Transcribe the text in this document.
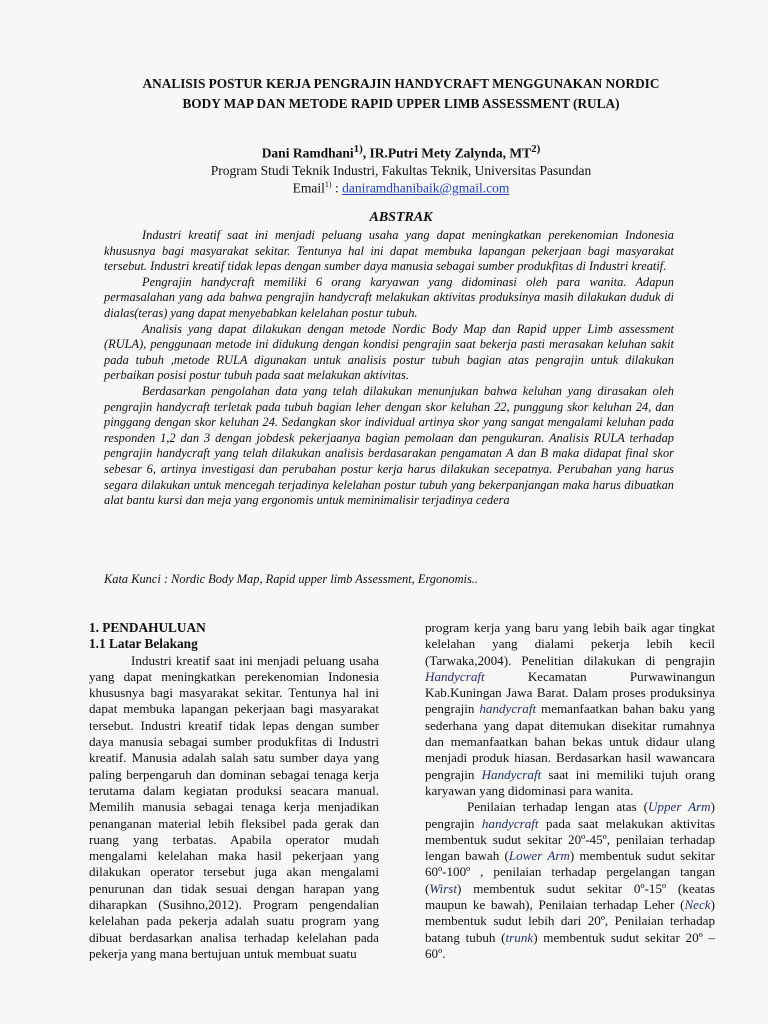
ANALISIS POSTUR KERJA PENGRAJIN HANDYCRAFT MENGGUNAKAN NORDIC
BODY MAP DAN METODE RAPID UPPER LIMB ASSESSMENT (RULA)
Dani Ramdhani$^{1)}$, IR.Putri Mety Zalynda, MT$^{2)}$
Program Studi Teknik Industri, Fakultas Teknik, Universitas Pasundan
Email$^{1)}$ : daniramdhanibaik@gmail.com
ABSTRAK

Industri kreatif saat ini menjadi peluang usaha yang dapat meningkatkan perekenomian Indonesia khususnya bagi masyarakat sekitar. Tentunya hal ini dapat membuka lapangan pekerjaan bagi masyarakat tersebut. Industri kreatif tidak lepas dengan sumber daya manusia sebagai sumber produkfitas di Industri kreatif.

Pengrajin handycraft memiliki 6 orang karyawan yang didominasi oleh para wanita. Adapun permasalahan yang ada bahwa pengrajin handycraft melakukan aktivitas produksinya masih dilakukan duduk di dialas(teras) yang dapat menyebabkan kelelahan postur tubuh.

Analisis yang dapat dilakukan dengan metode Nordic Body Map dan Rapid upper Limb assessment (RULA), penggunaan metode ini didukung dengan kondisi pengrajin saat bekerja pasti merasakan keluhan sakit pada tubuh ,metode RULA digunakan untuk analisis postur tubuh bagian atas pengrajin untuk dilakukan perbaikan posisi postur tubuh pada saat melakukan aktivitas.

Berdasarkan pengolahan data yang telah dilakukan menunjukan bahwa keluhan yang dirasakan oleh pengrajin handycraft terletak pada tubuh bagian leher dengan skor keluhan 22, punggung skor keluhan 24, dan pinggang dengan skor keluhan 24. Sedangkan skor individual artinya skor yang sangat mengalami keluhan pada responden 1,2 dan 3 dengan jobdesk pekerjaanya bagian pemolaan dan pengukuran. Analisis RULA terhadap pengrajin handycraft yang telah dilakukan analisis berdasarakan pengamatan A dan B maka didapat final skor sebesar 6, artinya investigasi dan perubahan postur kerja harus dilakukan secepatnya. Perubahan yang harus segara dilakukan untuk mencegah terjadinya kelelahan postur tubuh yang bekerpanjangan maka harus dibuatkan alat bantu kursi dan meja yang ergonomis untuk meminimalisir terjadinya cedera

Kata Kunci : Nordic Body Map, Rapid upper limb Assessment, Ergonomis..

1. PENDAHULUAN

1.1 Latar Belakang

Industri kreatif saat ini menjadi peluang usaha yang dapat meningkatkan perekenomian Indonesia khususnya bagi masyarakat sekitar. Tentunya hal ini dapat membuka lapangan pekerjaan bagi masyarakat tersebut. Industri kreatif tidak lepas dengan sumber daya manusia sebagai sumber produkfitas di Industri kreatif. Manusia adalah salah satu sumber daya yang paling berpengaruh dan dominan sebagai tenaga kerja terutama dalam kegiatan produksi seacara manual. Memilih manusia sebagai tenaga kerja menjadikan penanganan material lebih fleksibel pada gerak dan ruang yang terbatas. Apabila operator mudah mengalami kelelahan maka hasil pekerjaan yang dilakukan operator tersebut juga akan mengalami penurunan dan tidak sesuai dengan harapan yang diharapkan (Susihno,2012). Program pengendalian kelelahan pada pekerja adalah suatu program yang dibuat berdasarkan analisa terhadap kelelahan pada pekerja yang mana bertujuan untuk membuat suatu

program kerja yang baru yang lebih baik agar tingkat kelelahan yang dialami pekerja lebih kecil (Tarwaka,2004). Penelitian dilakukan di pengrajin Handycraft Kecamatan Purwawinangun Kab.Kuningan Jawa Barat. Dalam proses produksinya pengrajin handycraft memanfaatkan bahan baku yang sederhana yang dapat ditemukan disekitar rumahnya dan memanfaatkan bahan bekas untuk didaur ulang menjadi produk hiasan. Berdasarkan hasil wawancara pengrajin Handycraft saat ini memiliki tujuh orang karyawan yang didominasi para wanita.

Penilaian terhadap lengan atas (Upper Arm) pengrajin handycraft pada saat melakukan aktivitas membentuk sudut sekitar 20º-45º, penilaian terhadap lengan bawah (Lower Arm) membentuk sudut sekitar 60º-100º , penilaian terhadap pergelangan tangan (Wirst) membentuk sudut sekitar 0º-15º (keatas maupun ke bawah), Penilaian terhadap Leher (Neck) membentuk sudut lebih dari 20º, Penilaian terhadap batang tubuh (trunk) membentuk sudut sekitar 20º – 60º.
